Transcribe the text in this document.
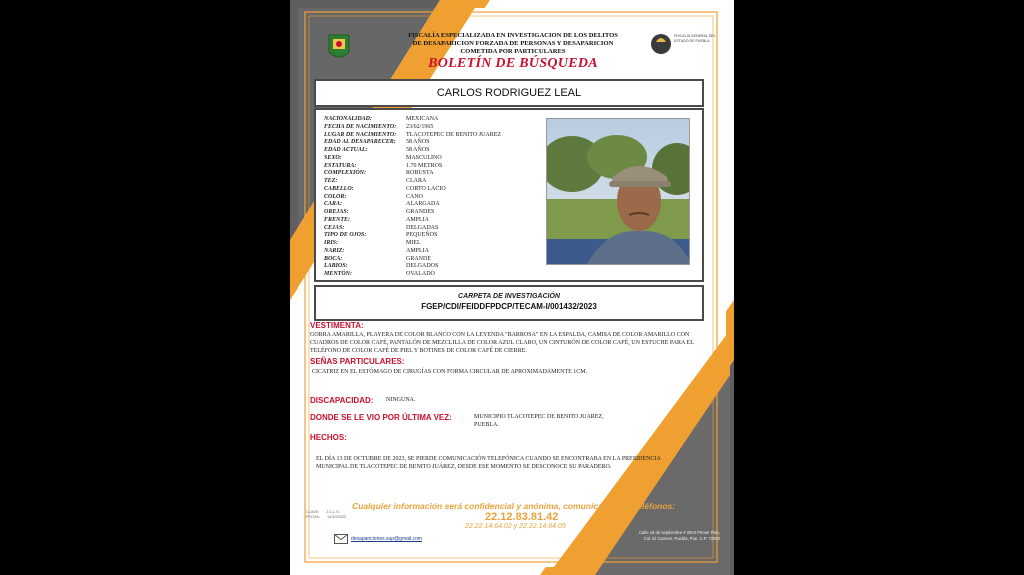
FISCALÍA ESPECIALIZADA EN INVESTIGACION DE LOS DELITOS
DE DESAPARICION FORZADA DE PERSONAS Y DESAPARICION
COMETIDA POR PARTICULARES
BOLETÍN DE BÚSQUEDA
FISCALÍA GENERAL DEL ESTADO DE PUEBLA
CARLOS RODRIGUEZ LEAL
NACIONALIDAD:	MEXICANA
FECHA DE NACIMIENTO: 23/02/1965
LUGAR DE NACIMIENTO: TLACOTEPEC DE BENITO JUAREZ
EDAD AL DESAPARECER: 58 AÑOS
EDAD ACTUAL:	58 AÑOS
SEXO:	MASCULINO
ESTATURA:	1.70 METROS
COMPLEXIÓN:	ROBUSTA
TEZ:	CLARA
CABELLO:	CORTO LACIO
COLOR:	CANO
CARA:	ALARGADA
OREJAS:	GRANDES
FRENTE:	AMPLIA
CEJAS:	DELGADAS
TIPO DE OJOS:	PEQUEÑOS
IRIS:	MIEL
NARIZ:	AMPLIA
BOCA:	GRANDE
LABIOS:	DELGADOS
MENTÓN:	OVALADO
CARPETA DE INVESTIGACIÓN
FGEP/CDI/FEIDDFPDCP/TECAM-I/001432/2023
VESTIMENTA:
GORRA AMARILLA, PLAYERA DE COLOR BLANCO CON LA LEYENDA "BARROSA" EN LA ESPALDA, CAMISA DE COLOR AMARILLO CON CUADROS DE COLOR CAFÉ, PANTALÓN DE MEZCLILLA DE COLOR AZUL CLARO, UN CINTURÓN DE COLOR CAFÉ, UN ESTUCHE PARA EL TELÉFONO DE COLOR CAFÉ DE PIEL Y BOTINES DE COLOR CAFÉ DE CIERRE.
SEÑAS PARTICULARES:
CICATRIZ EN EL ESTÓMAGO DE CIRUGÍAS CON FORMA CIRCULAR DE APROXIMADAMENTE 1CM.
DISCAPACIDAD: NINGUNA.
DONDE SE LE VIO POR ÚLTIMA VEZ:	MUNICIPIO TLACOTEPEC DE BENITO JUAREZ,
PUEBLA.
HECHOS:
EL DÍA 13 DE OCTUBRE DE 2023, SE PIERDE COMUNICACIÓN TELEFÓNICA CUANDO SE ENCONTRABA EN LA PRESIDENCIA
MUNICIPAL DE TLACOTEPEC DE BENITO JUÁREZ, DESDE ESE MOMENTO SE DESCONOCE SU PARADERO.
Cualquier información será confidencial y anónima, comunícate a los teléfonos:
22.12.83.81.42
22.22.14.64.02 y 22.22.14.64.05
CLAVE: J.C.L.S.
FECHA: 14/10/2023
desapariciones.sup@gmail.com
Calle 16 de septiembre # 2504 Primer Piso,
Col. El Carmen, Puebla, Pue. C.P. 72000
